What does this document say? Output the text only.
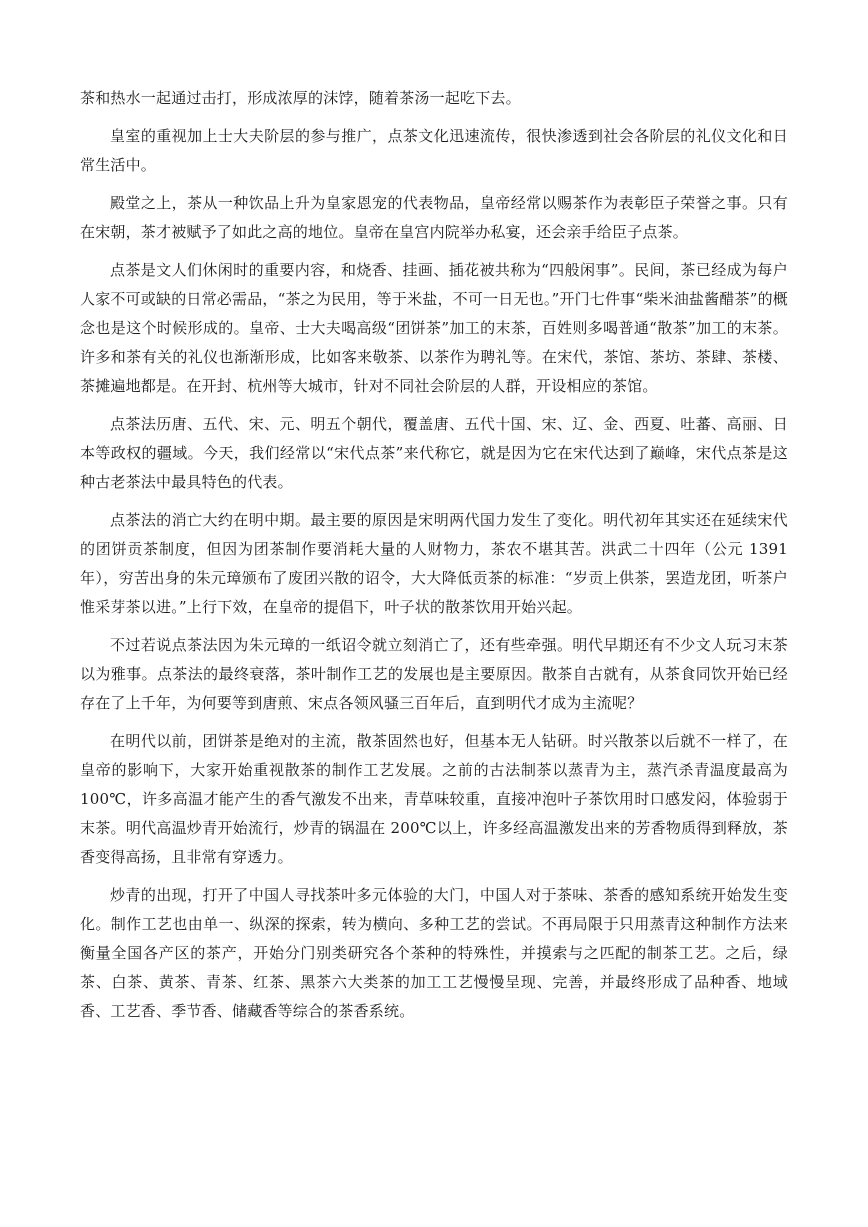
茶和热水一起通过击打，形成浓厚的沫饽，随着茶汤一起吃下去。

皇室的重视加上士大夫阶层的参与推广，点茶文化迅速流传，很快渗透到社会各阶层的礼仪文化和日常生活中。

殿堂之上，茶从一种饮品上升为皇家恩宠的代表物品，皇帝经常以赐茶作为表彰臣子荣誉之事。只有在宋朝，茶才被赋予了如此之高的地位。皇帝在皇宫内院举办私宴，还会亲手给臣子点茶。

点茶是文人们休闲时的重要内容，和烧香、挂画、插花被共称为“四般闲事”。民间，茶已经成为每户人家不可或缺的日常必需品，“茶之为民用，等于米盐，不可一日无也。”开门七件事“柴米油盐酱醋茶”的概念也是这个时候形成的。皇帝、士大夫喝高级“团饼茶”加工的末茶，百姓则多喝普通“散茶”加工的末茶。许多和茶有关的礼仪也渐渐形成，比如客来敬茶、以茶作为聘礼等。在宋代，茶馆、茶坊、茶肆、茶楼、茶摊遍地都是。在开封、杭州等大城市，针对不同社会阶层的人群，开设相应的茶馆。

点茶法历唐、五代、宋、元、明五个朝代，覆盖唐、五代十国、宋、辽、金、西夏、吐蕃、高丽、日本等政权的疆域。今天，我们经常以“宋代点茶”来代称它，就是因为它在宋代达到了巅峰，宋代点茶是这种古老茶法中最具特色的代表。

点茶法的消亡大约在明中期。最主要的原因是宋明两代国力发生了变化。明代初年其实还在延续宋代的团饼贡茶制度，但因为团茶制作要消耗大量的人财物力，茶农不堪其苦。洪武二十四年（公元 1391 年），穷苦出身的朱元璋颁布了废团兴散的诏令，大大降低贡茶的标准：“岁贡上供茶，罢造龙团，听茶户惟采芽茶以进。”上行下效，在皇帝的提倡下，叶子状的散茶饮用开始兴起。

不过若说点茶法因为朱元璋的一纸诏令就立刻消亡了，还有些牵强。明代早期还有不少文人玩习末茶以为雅事。点茶法的最终衰落，茶叶制作工艺的发展也是主要原因。散茶自古就有，从茶食同饮开始已经存在了上千年，为何要等到唐煎、宋点各领风骚三百年后，直到明代才成为主流呢？

在明代以前，团饼茶是绝对的主流，散茶固然也好，但基本无人钻研。时兴散茶以后就不一样了，在皇帝的影响下，大家开始重视散茶的制作工艺发展。之前的古法制茶以蒸青为主，蒸汽杀青温度最高为 100℃，许多高温才能产生的香气激发不出来，青草味较重，直接冲泡叶子茶饮用时口感发闷，体验弱于末茶。明代高温炒青开始流行，炒青的锅温在 200℃以上，许多经高温激发出来的芳香物质得到释放，茶香变得高扬，且非常有穿透力。

炒青的出现，打开了中国人寻找茶叶多元体验的大门，中国人对于茶味、茶香的感知系统开始发生变化。制作工艺也由单一、纵深的探索，转为横向、多种工艺的尝试。不再局限于只用蒸青这种制作方法来衡量全国各产区的茶产，开始分门别类研究各个茶种的特殊性，并摸索与之匹配的制茶工艺。之后，绿茶、白茶、黄茶、青茶、红茶、黑茶六大类茶的加工工艺慢慢呈现、完善，并最终形成了品种香、地域香、工艺香、季节香、储藏香等综合的茶香系统。
